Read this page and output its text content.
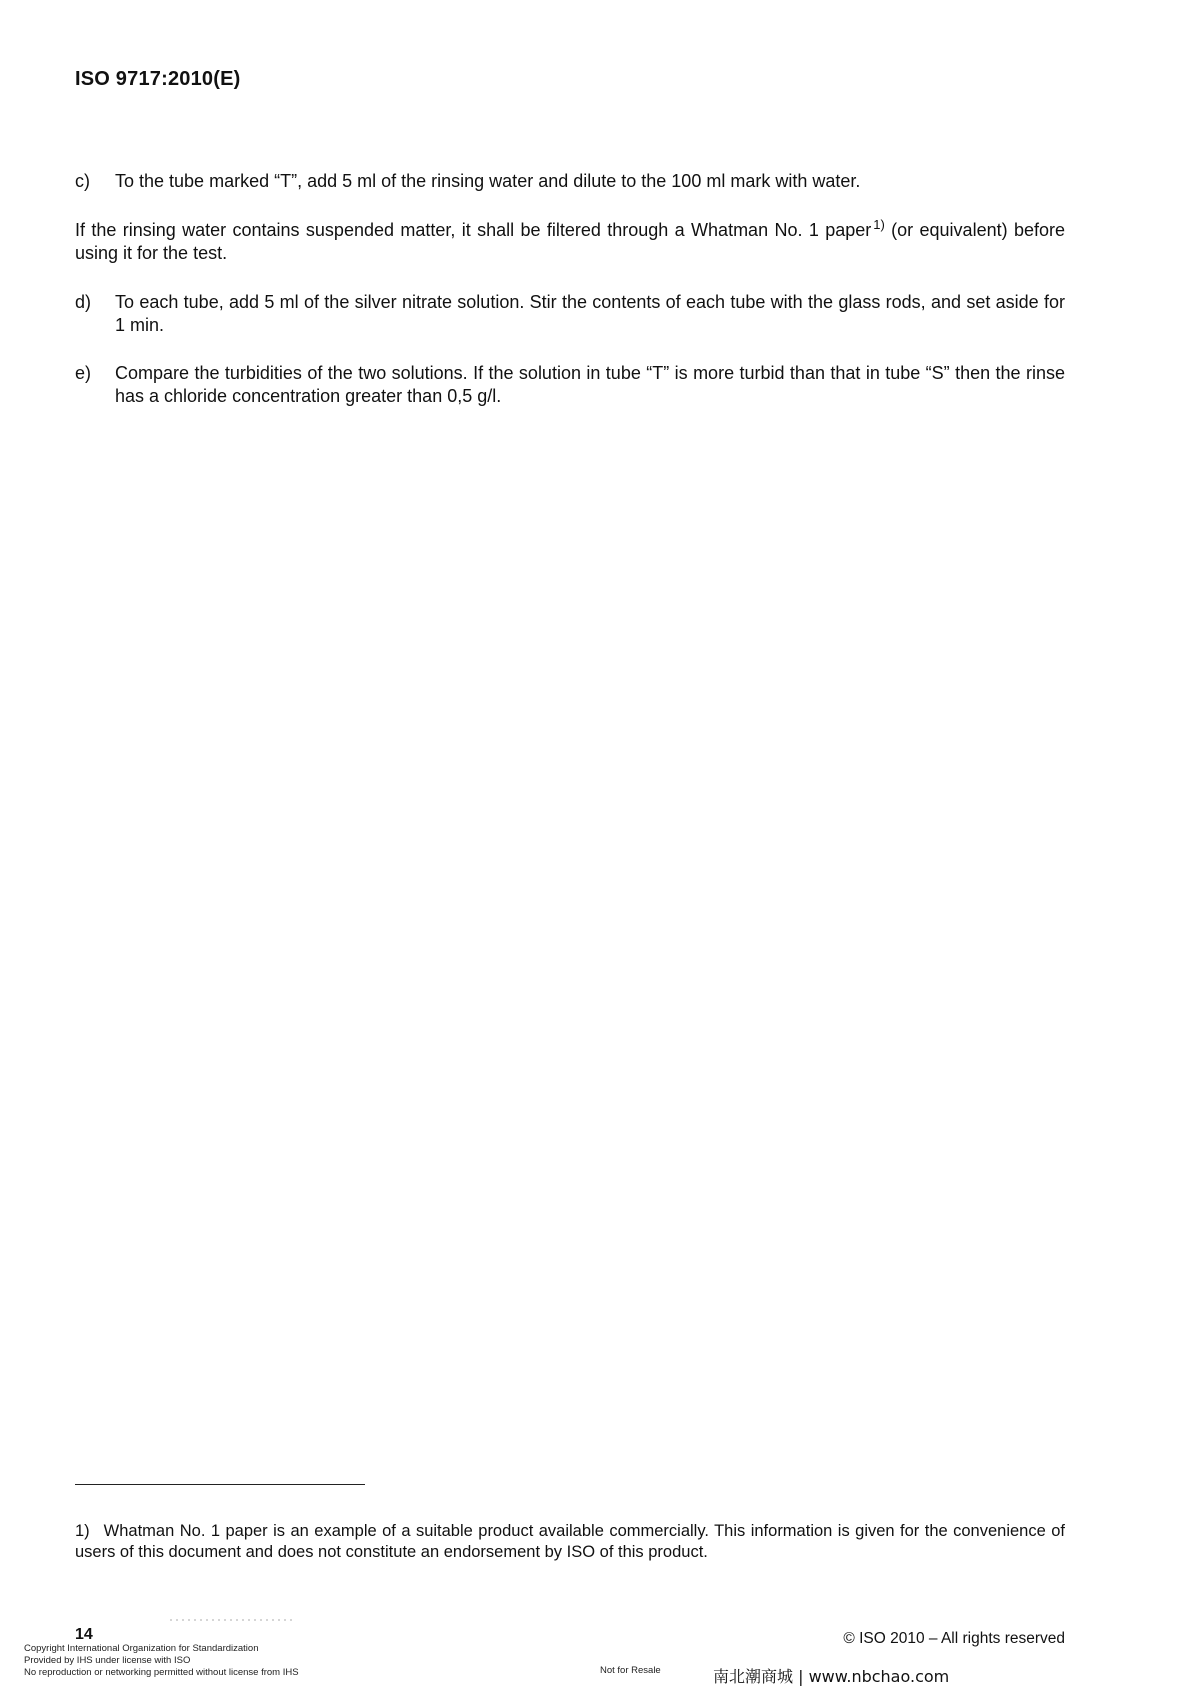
ISO 9717:2010(E)
c)	To the tube marked “T”, add 5 ml of the rinsing water and dilute to the 100 ml mark with water.
If the rinsing water contains suspended matter, it shall be filtered through a Whatman No. 1 paper $^{1)}$ (or equivalent) before using it for the test.
d)	To each tube, add 5 ml of the silver nitrate solution. Stir the contents of each tube with the glass rods, and set aside for 1 min.
e)	Compare the turbidities of the two solutions. If the solution in tube “T” is more turbid than that in tube “S” then the rinse has a chloride concentration greater than 0,5 g/l.
1) Whatman No. 1 paper is an example of a suitable product available commercially. This information is given for the convenience of users of this document and does not constitute an endorsement by ISO of this product.
14	© ISO 2010 – All rights reserved
Copyright International Organization for Standardization
Provided by IHS under license with ISO
No reproduction or networking permitted without license from IHS	Not for Resale	南北潮商城 | www.nbchao.com
